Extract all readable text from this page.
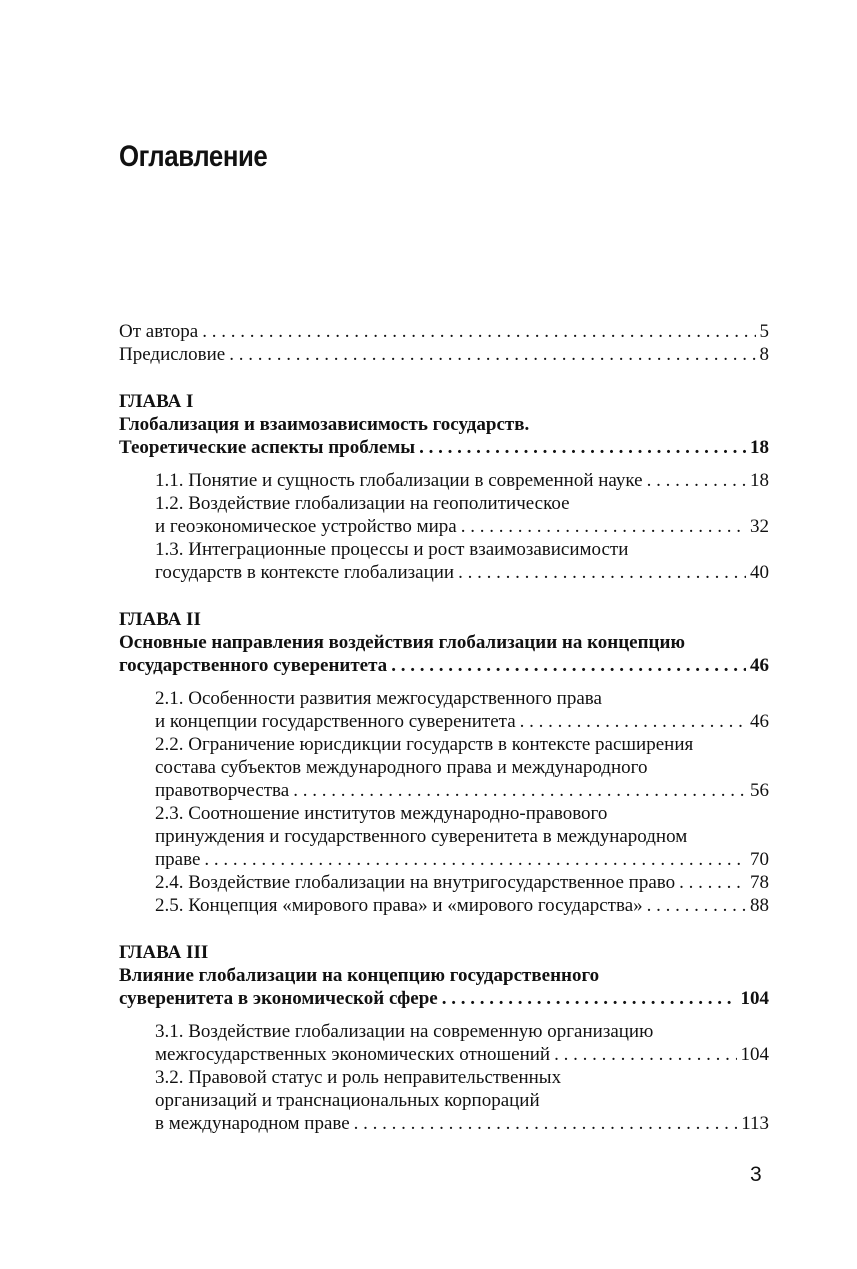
Оглавление
От автора . . .	5
Предисловие . . .	8
ГЛАВА I
Глобализация и взаимозависимость государств.
Теоретические аспекты проблемы . . .	18
1.1. Понятие и сущность глобализации в современной науке . . .	18
1.2. Воздействие глобализации на геополитическое
и геоэкономическое устройство мира . . .	32
1.3. Интеграционные процессы и рост взаимозависимости
государств в контексте глобализации . . .	40
ГЛАВА II
Основные направления воздействия глобализации на концепцию
государственного суверенитета . . .	46
2.1. Особенности развития межгосударственного права
и концепции государственного суверенитета . . .	46
2.2. Ограничение юрисдикции государств в контексте расширения
состава субъектов международного права и международного
правотворчества . . .	56
2.3. Соотношение институтов международно-правового
принуждения и государственного суверенитета в международном
праве . . .	70
2.4. Воздействие глобализации на внутригосударственное право . . .	78
2.5. Концепция «мирового права» и «мирового государства» . . .	88
ГЛАВА III
Влияние глобализации на концепцию государственного
суверенитета в экономической сфере . . .	104
3.1. Воздействие глобализации на современную организацию
межгосударственных экономических отношений . . .	104
3.2. Правовой статус и роль неправительственных
организаций и транснациональных корпораций
в международном праве . . .	113
3
